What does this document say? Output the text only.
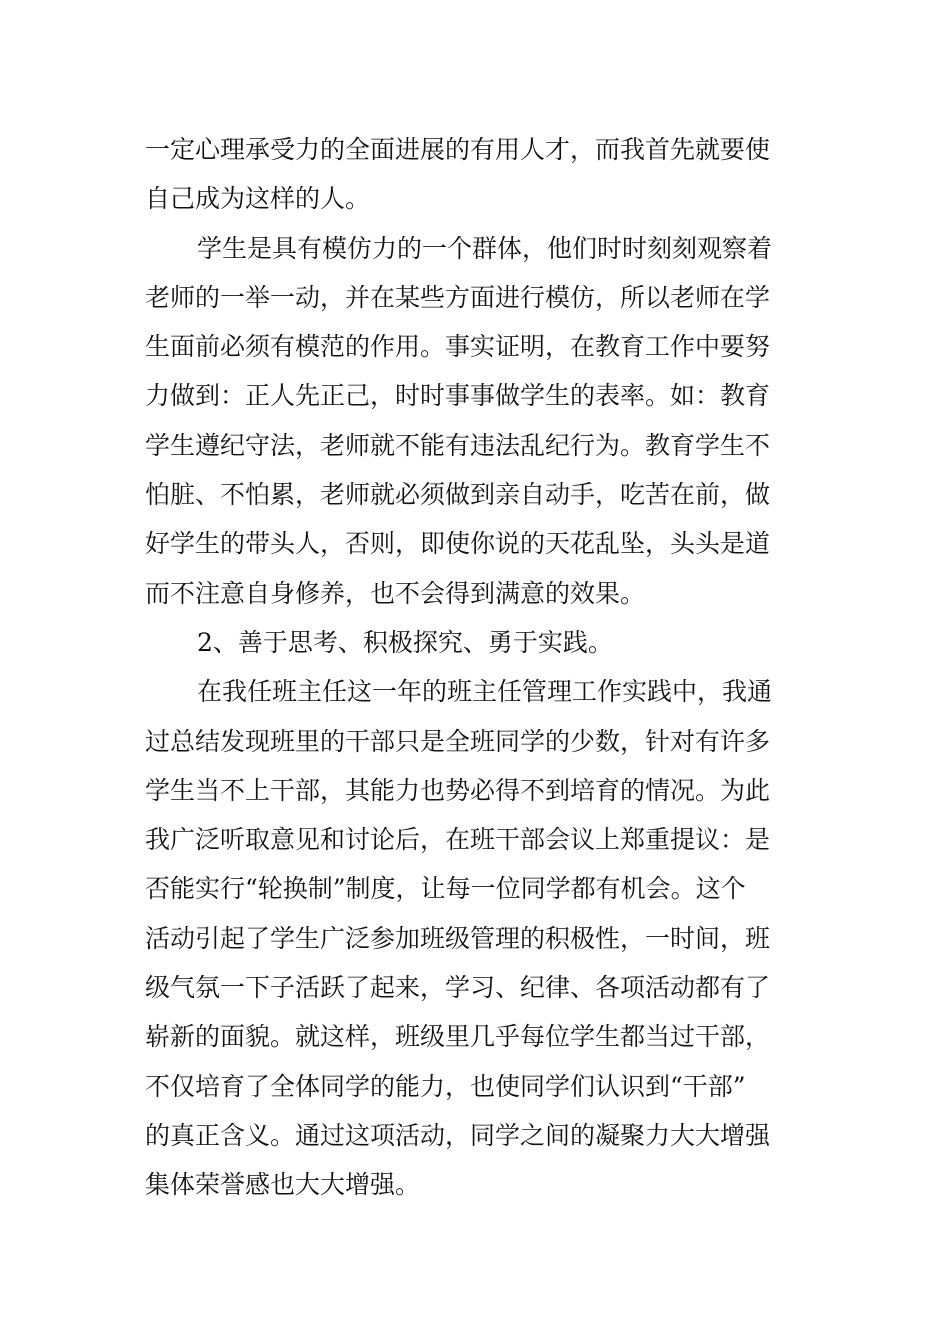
一定心理承受力的全面进展的有用人才，而我首先就要使
自己成为这样的人。
学生是具有模仿力的一个群体，他们时时刻刻观察着
老师的一举一动，并在某些方面进行模仿，所以老师在学
生面前必须有模范的作用。事实证明，在教育工作中要努
力做到：正人先正己，时时事事做学生的表率。如：教育
学生遵纪守法，老师就不能有违法乱纪行为。教育学生不
怕脏、不怕累，老师就必须做到亲自动手，吃苦在前，做
好学生的带头人，否则，即使你说的天花乱坠，头头是道
而不注意自身修养，也不会得到满意的效果。
2、善于思考、积极探究、勇于实践。
在我任班主任这一年的班主任管理工作实践中，我通
过总结发现班里的干部只是全班同学的少数，针对有许多
学生当不上干部，其能力也势必得不到培育的情况。为此
我广泛听取意见和讨论后，在班干部会议上郑重提议：是
否能实行“轮换制”制度，让每一位同学都有机会。这个
活动引起了学生广泛参加班级管理的积极性，一时间，班
级气氛一下子活跃了起来，学习、纪律、各项活动都有了
崭新的面貌。就这样，班级里几乎每位学生都当过干部，
不仅培育了全体同学的能力，也使同学们认识到“干部”
的真正含义。通过这项活动，同学之间的凝聚力大大增强
集体荣誉感也大大增强。
